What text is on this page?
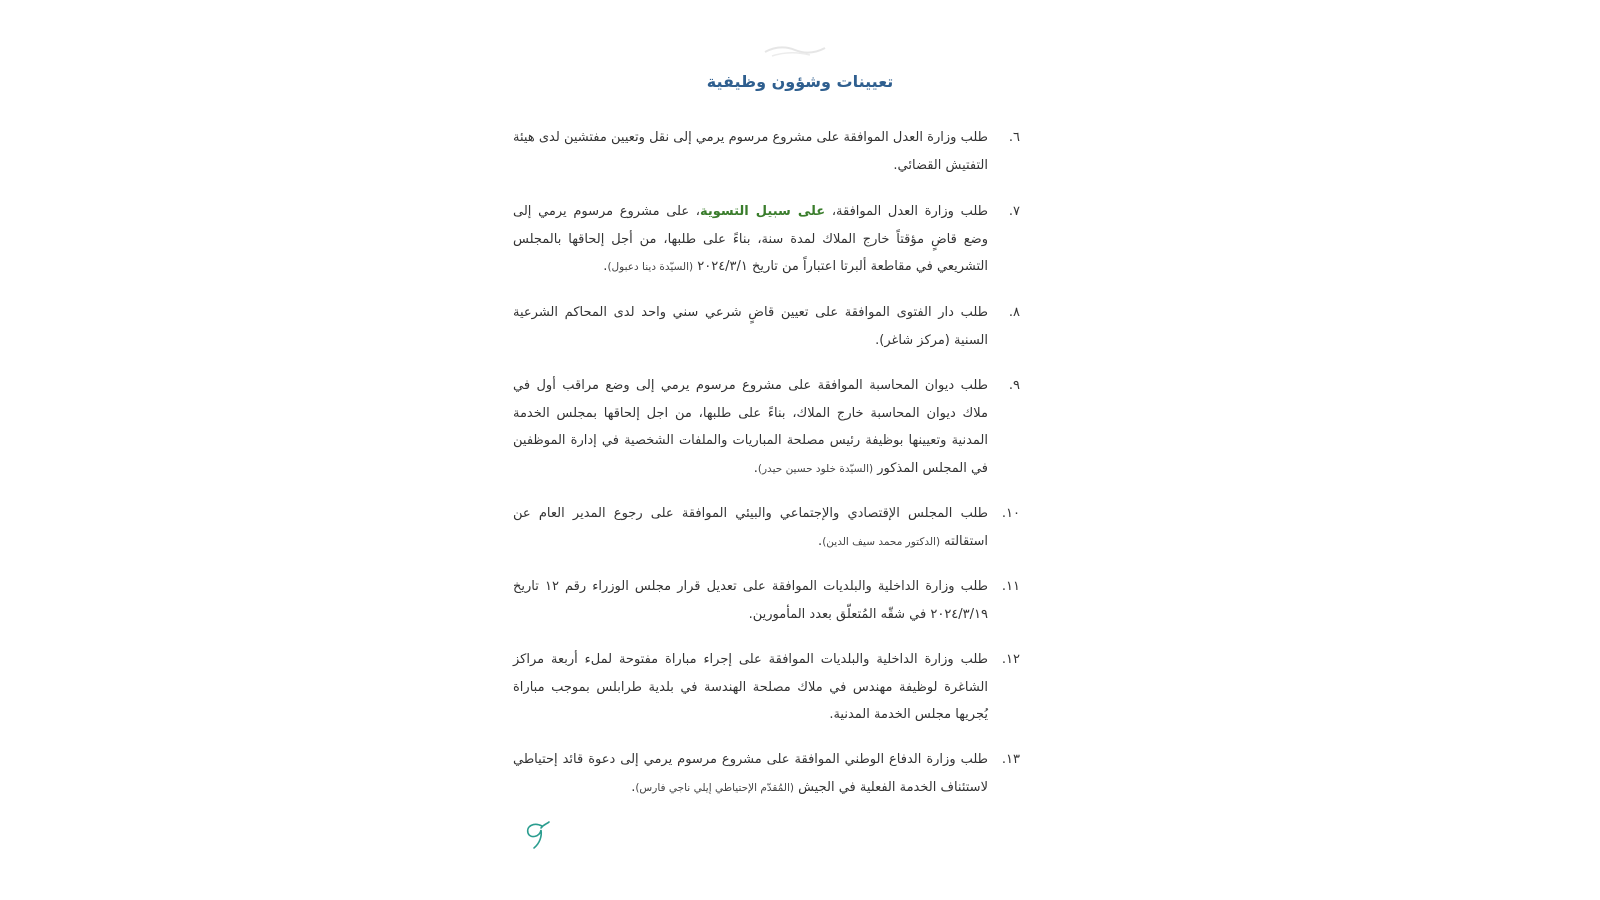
تعيينات وشؤون وظيفية
٦.
طلب وزارة العدل الموافقة على مشروع مرسوم يرمي إلى نقل وتعيين مفتشين لدى هيئة التفتيش القضائي.
٧.
طلب وزارة العدل الموافقة، على سبيل التسوية، على مشروع مرسوم يرمي إلى وضع قاضٍ مؤقتاً خارج الملاك لمدة سنة، بناءً على طلبها، من أجل إلحاقها بالمجلس التشريعي في مقاطعة ألبرتا اعتباراً من تاريخ ٢٠٢٤/٣/١ (السيّدة دينا دعبول).
٨.
طلب دار الفتوى الموافقة على تعيين قاضٍ شرعي سني واحد لدى المحاكم الشرعية السنية (مركز شاغر).
٩.
طلب ديوان المحاسبة الموافقة على مشروع مرسوم يرمي إلى وضع مراقب أول في ملاك ديوان المحاسبة خارج الملاك، بناءً على طلبها، من اجل إلحاقها بمجلس الخدمة المدنية وتعيينها بوظيفة رئيس مصلحة المباريات والملفات الشخصية في إدارة الموظفين في المجلس المذكور (السيّدة خلود حسين حيدر).
١٠.
طلب المجلس الإقتصادي والإجتماعي والبيئي الموافقة على رجوع المدير العام عن استقالته (الدكتور محمد سيف الدين).
١١.
طلب وزارة الداخلية والبلديات الموافقة على تعديل قرار مجلس الوزراء رقم ١٢ تاريخ ٢٠٢٤/٣/١٩ في شقّه المُتعلّق بعدد المأمورين.
١٢.
طلب وزارة الداخلية والبلديات الموافقة على إجراء مباراة مفتوحة لملء أربعة مراكز الشاغرة لوظيفة مهندس في ملاك مصلحة الهندسة في بلدية طرابلس بموجب مباراة يُجريها مجلس الخدمة المدنية.
١٣.
طلب وزارة الدفاع الوطني الموافقة على مشروع مرسوم يرمي إلى دعوة قائد إحتياطي لاستئناف الخدمة الفعلية في الجيش (المُقدّم الإحتياطي إيلي ناجي فارس).
